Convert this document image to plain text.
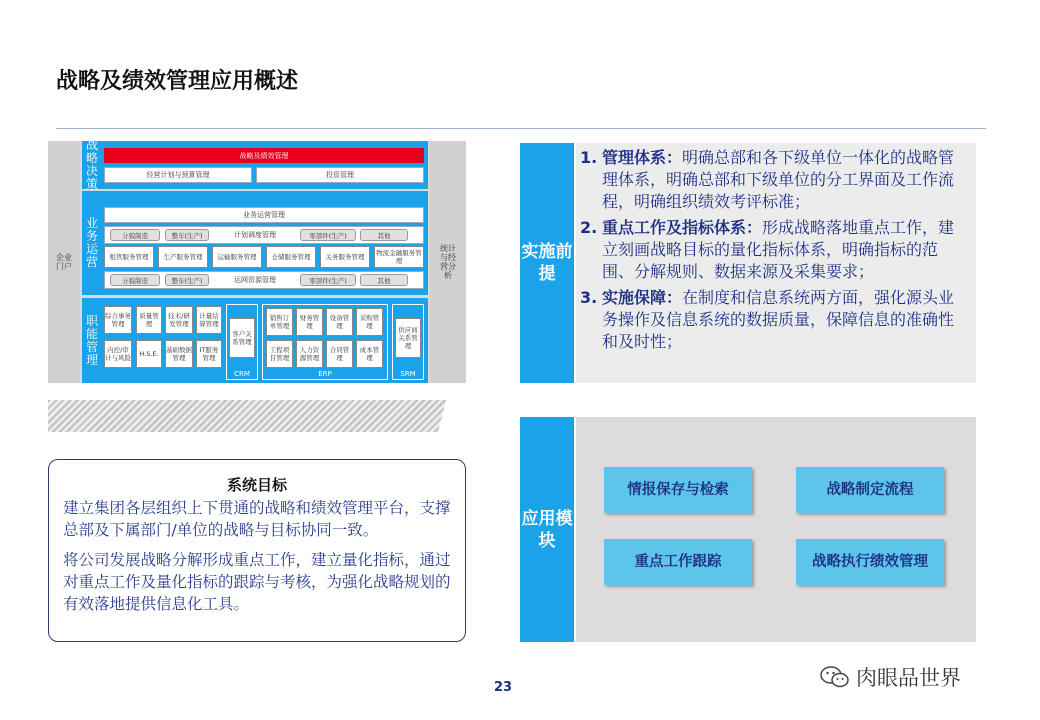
战略及绩效管理应用概述
企业门户
统计与经营分析
战略决策
业务运营
职能管理
战略及绩效管理
经营计划与预算管理	投资管理
业务运营管理
分貌制造	整车(生产)	计划调度管理	零部件(生产)	其他
租管服务管理	生产服务管理	运输服务管理	仓储服务管理	关务服务管理	物流金融服务管理
分貌制造	整车(生产)	运网资源管理	零部件(生产)	其他
综合事务管理
质量管理
技术/研发管理
计量结算管理
内控/审计与风险	H.S.E.	基础数据管理
IT服务管理
CRM
客户关系管理
ERP
销售订单管理
财务管理
设备管理
采购管理
工程项目管理
人力资源管理
合同管理
成本管理
SRM
供应商关系管理
系统目标
建立集团各层组织上下贯通的战略和绩效管理平台，支撑总部及下属部门/单位的战略与目标协同一致。
将公司发展战略分解形成重点工作，建立量化指标，通过对重点工作及量化指标的跟踪与考核，为强化战略规划的有效落地提供信息化工具。
实施前提
1. 管理体系：明确总部和各下级单位一体化的战略管理体系，明确总部和下级单位的分工界面及工作流程，明确组织绩效考评标准；
2. 重点工作及指标体系：形成战略落地重点工作，建立刻画战略目标的量化指标体系，明确指标的范围、分解规则、数据来源及采集要求；
3. 实施保障：在制度和信息系统两方面，强化源头业务操作及信息系统的数据质量，保障信息的准确性和及时性；
应用模块
情报保存与检索	战略制定流程
重点工作跟踪	战略执行绩效管理
23	肉眼品世界
